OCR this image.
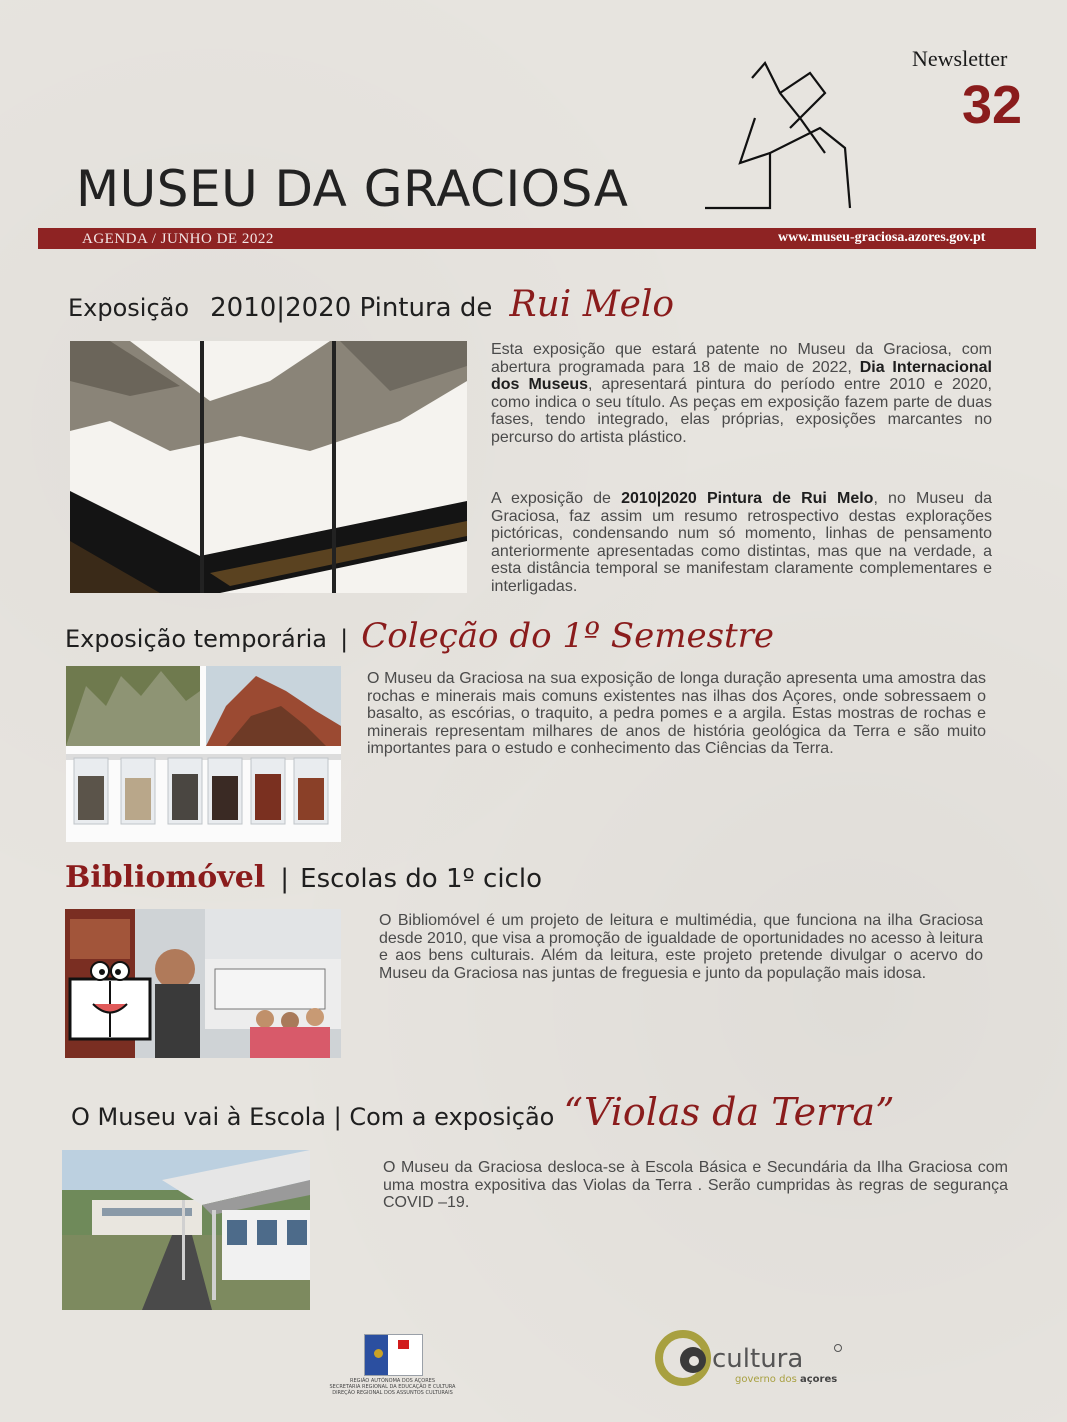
Newsletter
32
MUSEU DA GRACIOSA
AGENDA / JUNHO DE 2022	www.museu-graciosa.azores.gov.pt
Exposição 2010|2020 Pintura de Rui Melo
Esta exposição que estará patente no Museu da Graciosa, com abertura programada para 18 de maio de 2022, Dia Internacional dos Museus, apresentará pintura do período entre 2010 e 2020, como indica o seu título. As peças em exposição fazem parte de duas fases, tendo integrado, elas próprias, exposições marcantes no percurso do artista plástico.
A exposição de 2010|2020 Pintura de Rui Melo, no Museu da Graciosa, faz assim um resumo retrospectivo destas explorações pictóricas, condensando num só momento, linhas de pensamento anteriormente apresentadas como distintas, mas que na verdade, a esta distância temporal se manifestam claramente complementares e interligadas.
Exposição temporária | Coleção do 1º Semestre
O Museu da Graciosa na sua exposição de longa duração apresenta uma amostra das rochas e minerais mais comuns existentes nas ilhas dos Açores, onde sobressaem o basalto, as escórias, o traquito, a pedra pomes e a argila. Estas mostras de rochas e minerais representam milhares de anos de história geológica da Terra e são muito importantes para o estudo e conhecimento das Ciências da Terra.
Bibliomóvel | Escolas do 1º ciclo
O Bibliomóvel é um projeto de leitura e multimédia, que funciona na ilha Graciosa desde 2010, que visa a promoção de igualdade de oportunidades no acesso à leitura e aos bens culturais. Além da leitura, este projeto pretende divulgar o acervo do Museu da Graciosa nas juntas de freguesia e junto da população mais idosa.
O Museu vai à Escola | Com a exposição “Violas da Terra”
O Museu da Graciosa desloca-se à Escola Básica e Secundária da Ilha Graciosa com uma mostra expositiva das Violas da Terra . Serão cumpridas às regras de segurança COVID –19.
REGIÃO AUTÓNOMA DOS AÇORES
SECRETARIA REGIONAL DA EDUCAÇÃO E CULTURA
DIREÇÃO REGIONAL DOS ASSUNTOS CULTURAIS
cultura
governo dos açores
